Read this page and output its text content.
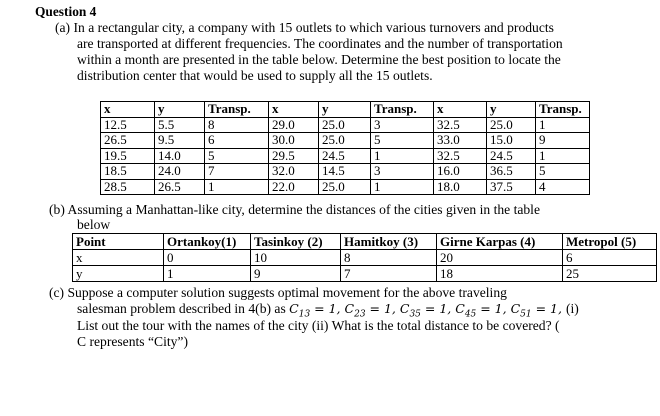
Question 4
(a) In a rectangular city, a company with 15 outlets to which various turnovers and products
are transported at different frequencies. The coordinates and the number of transportation
within a month are presented in the table below. Determine the best position to locate the
distribution center that would be used to supply all the 15 outlets.
x	y	Transp.	x	y	Transp.	x	y	Transp.
12.5	5.5	8	29.0	25.0	3	32.5	25.0	1
26.5	9.5	6	30.0	25.0	5	33.0	15.0	9
19.5	14.0	5	29.5	24.5	1	32.5	24.5	1
18.5	24.0	7	32.0	14.5	3	16.0	36.5	5
28.5	26.5	1	22.0	25.0	1	18.0	37.5	4
(b) Assuming a Manhattan-like city, determine the distances of the cities given in the table
below
Point	Ortankoy(1)	Tasinkoy (2)	Hamitkoy (3)	Girne Karpas (4)	Metropol (5)
x	0	10	8	20	6
y	1	9	7	18	25
(c) Suppose a computer solution suggests optimal movement for the above traveling
salesman problem described in 4(b) as $C_{13} = 1$, $C_{23} = 1$, $C_{35} = 1$, $C_{45} = 1$, $C_{51} = 1$, (i)
List out the tour with the names of the city (ii) What is the total distance to be covered? (
C represents “City”)
